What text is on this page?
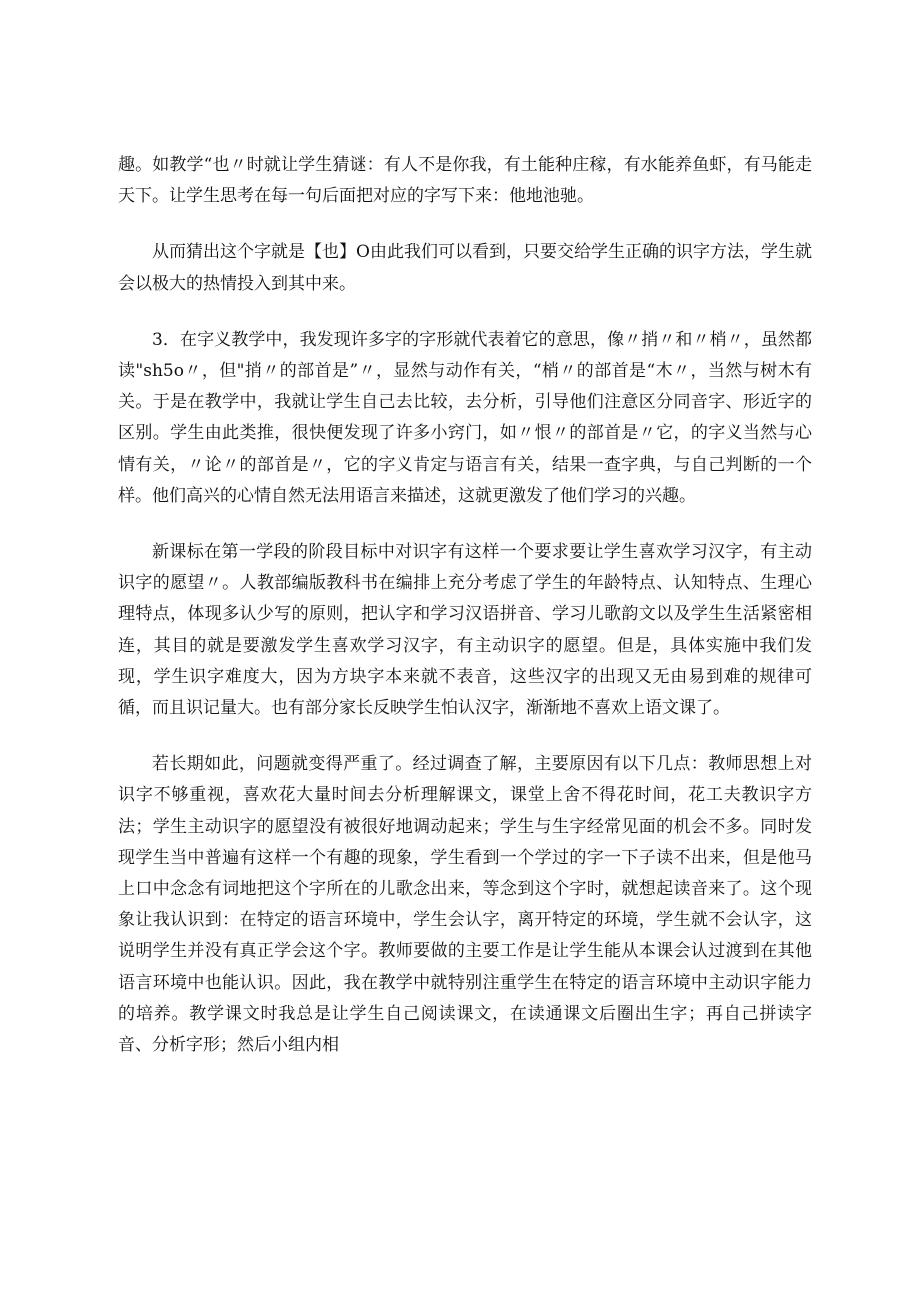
趣。如教学“也〃时就让学生猜谜：有人不是你我，有土能种庄稼，有水能养鱼虾，有马能走天下。让学生思考在每一句后面把对应的字写下来：他地池驰。

从而猜出这个字就是【也】O由此我们可以看到，只要交给学生正确的识字方法，学生就会以极大的热情投入到其中来。

3．在字义教学中，我发现许多字的字形就代表着它的意思，像〃捎〃和〃梢〃，虽然都读"sh5o〃，但"捎〃的部首是”〃，显然与动作有关，“梢〃的部首是“木〃，当然与树木有关。于是在教学中，我就让学生自己去比较，去分析，引导他们注意区分同音字、形近字的区别。学生由此类推，很快便发现了许多小窍门，如〃恨〃的部首是〃它，的字义当然与心情有关，〃论〃的部首是〃，它的字义肯定与语言有关，结果一查字典，与自己判断的一个样。他们高兴的心情自然无法用语言来描述，这就更激发了他们学习的兴趣。

新课标在第一学段的阶段目标中对识字有这样一个要求要让学生喜欢学习汉字，有主动识字的愿望〃。人教部编版教科书在编排上充分考虑了学生的年龄特点、认知特点、生理心理特点，体现多认少写的原则，把认字和学习汉语拼音、学习儿歌韵文以及学生生活紧密相连，其目的就是要激发学生喜欢学习汉字，有主动识字的愿望。但是，具体实施中我们发现，学生识字难度大，因为方块字本来就不表音，这些汉字的出现又无由易到难的规律可循，而且识记量大。也有部分家长反映学生怕认汉字，渐渐地不喜欢上语文课了。

若长期如此，问题就变得严重了。经过调查了解，主要原因有以下几点：教师思想上对识字不够重视，喜欢花大量时间去分析理解课文，课堂上舍不得花时间，花工夫教识字方法；学生主动识字的愿望没有被很好地调动起来；学生与生字经常见面的机会不多。同时发现学生当中普遍有这样一个有趣的现象，学生看到一个学过的字一下子读不出来，但是他马上口中念念有词地把这个字所在的儿歌念出来，等念到这个字时，就想起读音来了。这个现象让我认识到：在特定的语言环境中，学生会认字，离开特定的环境，学生就不会认字，这说明学生并没有真正学会这个字。教师要做的主要工作是让学生能从本课会认过渡到在其他语言环境中也能认识。因此，我在教学中就特别注重学生在特定的语言环境中主动识字能力的培养。教学课文时我总是让学生自己阅读课文，在读通课文后圈出生字；再自己拼读字音、分析字形；然后小组内相
